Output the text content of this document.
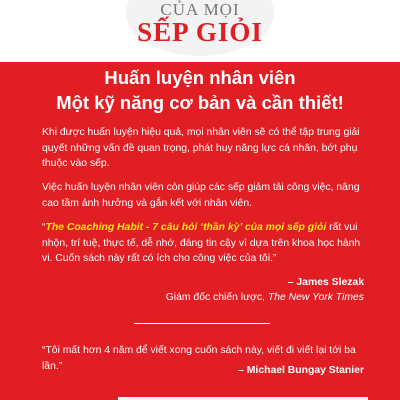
CỦA MỌI
SẾP GIỎI
Huấn luyện nhân viên
Một kỹ năng cơ bản và cần thiết!
Khi được huấn luyện hiệu quả, mọi nhân viên sẽ có thể tập trung giải quyết những vấn đề quan trọng, phát huy năng lực cá nhân, bớt phụ thuộc vào sếp.
Việc huấn luyện nhân viên còn giúp các sếp giảm tải công việc, nâng cao tầm ảnh hưởng và gắn kết với nhân viên.
“The Coaching Habit - 7 câu hỏi ‘thần kỳ’ của mọi sếp giỏi rất vui nhộn, trí tuệ, thực tế, dễ nhớ, đáng tin cậy vì dựa trên khoa học hành vi. Cuốn sách này rất có ích cho công việc của tôi.”
– James Slezak
Giám đốc chiến lược, The New York Times
“Tôi mất hơn 4 năm để viết xong cuốn sách này, viết đi viết lại tới ba lần.”	– Michael Bungay Stanier
